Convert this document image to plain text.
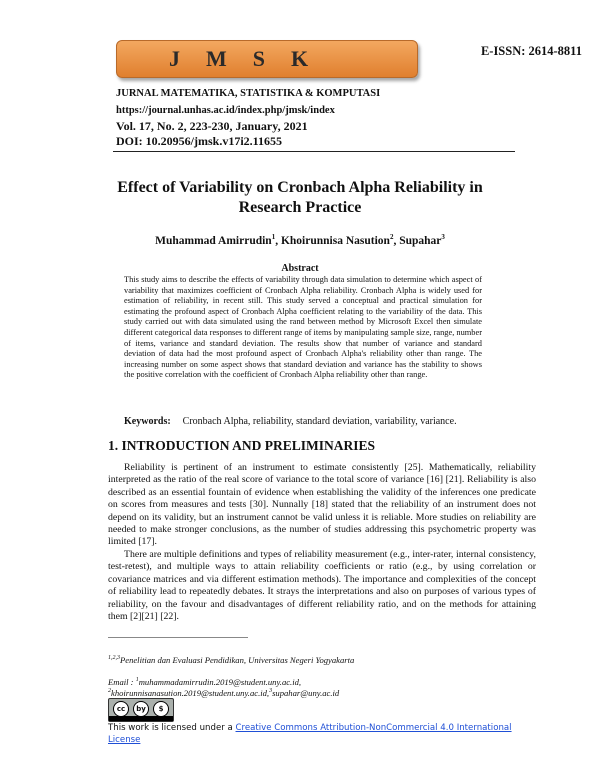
JMSK	E-ISSN: 2614-8811
JURNAL MATEMATIKA, STATISTIKA & KOMPUTASI
https://journal.unhas.ac.id/index.php/jmsk/index
Vol. 17, No. 2, 223-230, January, 2021
DOI: 10.20956/jmsk.v17i2.11655
Effect of Variability on Cronbach Alpha Reliability in Research Practice
Muhammad Amirrudin$^1$, Khoirunnisa Nasution$^2$, Supahar$^3$
Abstract
This study aims to describe the effects of variability through data simulation to determine which aspect of variability that maximizes coefficient of Cronbach Alpha reliability. Cronbach Alpha is widely used for estimation of reliability, in recent still. This study served a conceptual and practical simulation for estimating the profound aspect of Cronbach Alpha coefficient relating to the variability of the data. This study carried out with data simulated using the rand between method by Microsoft Excel then simulate different categorical data responses to different range of items by manipulating sample size, range, number of items, variance and standard deviation. The results show that number of variance and standard deviation of data had the most profound aspect of Cronbach Alpha's reliability other than range. The increasing number on some aspect shows that standard deviation and variance has the stability to shows the positive correlation with the coefficient of Cronbach Alpha reliability other than range.
Keywords: Cronbach Alpha, reliability, standard deviation, variability, variance.
1. INTRODUCTION AND PRELIMINARIES

Reliability is pertinent of an instrument to estimate consistently [25]. Mathematically, reliability interpreted as the ratio of the real score of variance to the total score of variance [16] [21]. Reliability is also described as an essential fountain of evidence when establishing the validity of the inferences one predicate on scores from measures and tests [30]. Nunnally [18] stated that the reliability of an instrument does not depend on its validity, but an instrument cannot be valid unless it is reliable. More studies on reliability are needed to make stronger conclusions, as the number of studies addressing this psychometric property was limited [17].

There are multiple definitions and types of reliability measurement (e.g., inter-rater, internal consistency, test-retest), and multiple ways to attain reliability coefficients or ratio (e.g., by using correlation or covariance matrices and via different estimation methods). The importance and complexities of the concept of reliability lead to repeatedly debates. It strays the interpretations and also on purposes of various types of reliability, on the favour and disadvantages of different reliability ratio, and on the methods for attaining them [2][21] [22].

$^{1,2,3}$Penelitian dan Evaluasi Pendidikan, Universitas Negeri Yogyakarta
Email : $^1$muhammadamirrudin.2019@student.uny.ac.id,
$^2$khoirunnisanasution.2019@student.uny.ac.id,$^3$supahar@uny.ac.id
cc	by	$
This work is licensed under a Creative Commons Attribution-NonCommercial 4.0 International License
